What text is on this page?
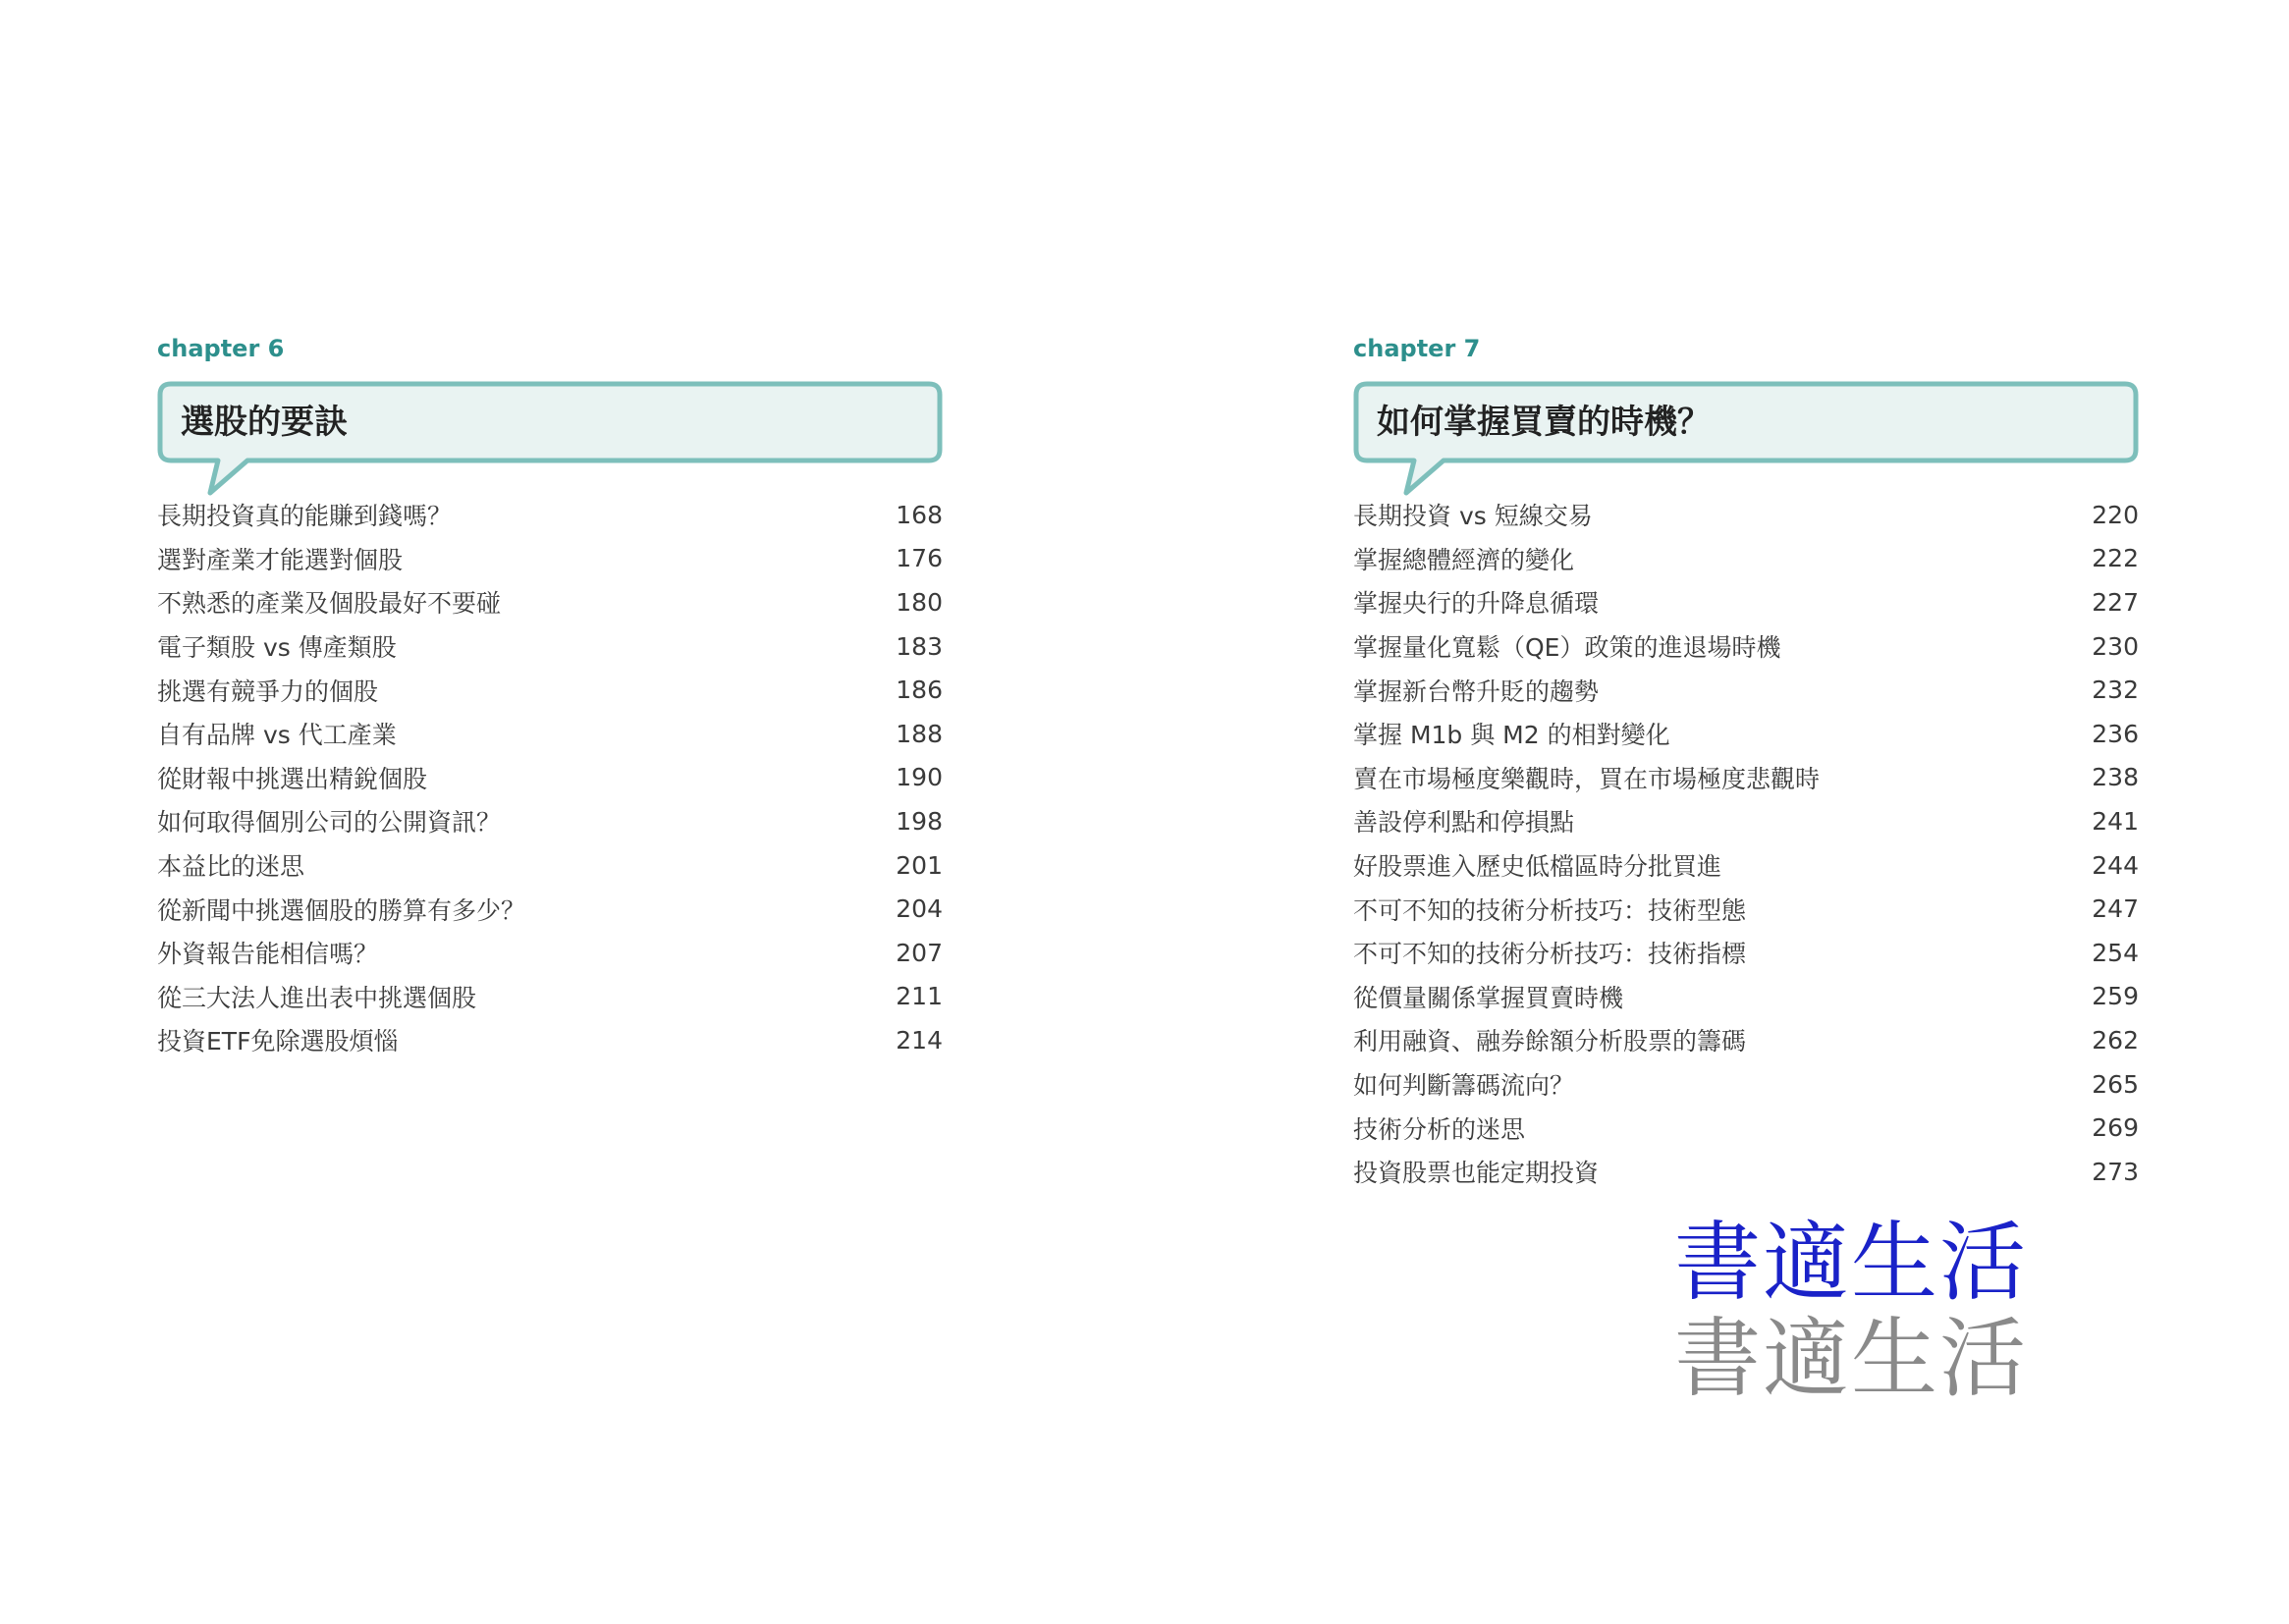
chapter 6
選股的要訣
長期投資真的能賺到錢嗎？	168
選對產業才能選對個股	176
不熟悉的產業及個股最好不要碰	180
電子類股 vs 傳產類股	183
挑選有競爭力的個股	186
自有品牌 vs 代工產業	188
從財報中挑選出精銳個股	190
如何取得個別公司的公開資訊？	198
本益比的迷思	201
從新聞中挑選個股的勝算有多少？	204
外資報告能相信嗎？	207
從三大法人進出表中挑選個股	211
投資ETF免除選股煩惱	214
chapter 7
如何掌握買賣的時機？
長期投資 vs 短線交易	220
掌握總體經濟的變化	222
掌握央行的升降息循環	227
掌握量化寬鬆（QE）政策的進退場時機	230
掌握新台幣升貶的趨勢	232
掌握 M1b 與 M2 的相對變化	236
賣在市場極度樂觀時，買在市場極度悲觀時	238
善設停利點和停損點	241
好股票進入歷史低檔區時分批買進	244
不可不知的技術分析技巧：技術型態	247
不可不知的技術分析技巧：技術指標	254
從價量關係掌握買賣時機	259
利用融資、融券餘額分析股票的籌碼	262
如何判斷籌碼流向？	265
技術分析的迷思	269
投資股票也能定期投資	273
書適生活
書適生活
